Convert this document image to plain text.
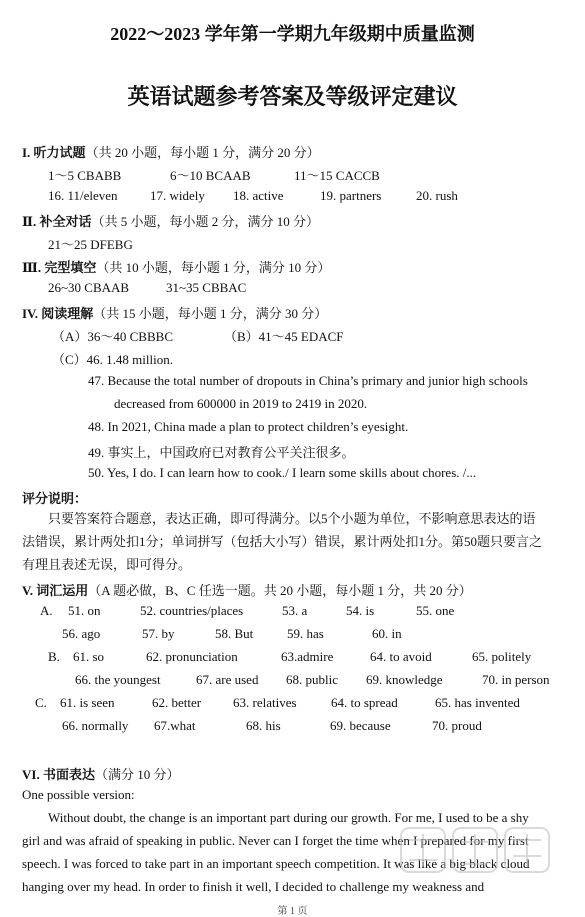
2022～2023 学年第一学期九年级期中质量监测
英语试题参考答案及等级评定建议
I. 听力试题（共 20 小题，每小题 1 分，满分 20 分）
1～5 CBABB	6～10 BCAAB	11～15 CACCB
16. 11/eleven 17. widely 18. active	19. partners	20. rush
Ⅱ. 补全对话（共 5 小题，每小题 2 分，满分 10 分）
21～25 DFEBG
Ⅲ. 完型填空（共 10 小题，每小题 1 分，满分 10 分）
26~30 CBAAB	31~35 CBBAC
IV. 阅读理解（共 15 小题，每小题 1 分，满分 30 分）
（A）36～40 CBBBC	（B）41～45 EDACF
（C）46. 1.48 million.
47. Because the total number of dropouts in China’s primary and junior high schools
decreased from 600000 in 2019 to 2419 in 2020.
48. In 2021, China made a plan to protect children’s eyesight.
49. 事实上，中国政府已对教育公平关注很多。
50. Yes, I do. I can learn how to cook./ I learn some skills about chores. /...
评分说明：
只要答案符合题意，表达正确，即可得满分。以5个小题为单位，不影响意思表达的语
法错误，累计两处扣1分；单词拼写（包括大小写）错误，累计两处扣1分。第50题只要言之
有理且表述无误，即可得分。
V. 词汇运用（A 题必做，B、C 任选一题。共 20 小题，每小题 1 分，共 20 分）
A. 51. on	52. countries/places	53. a	54. is	55. one
56. ago	57. by	58. But	59. has	60. in
B. 61. so	62. pronunciation	63.admire	64. to avoid	65. politely
66. the youngest	67. are used 68. public 69. knowledge	70. in person
C. 61. is seen	62. better 63. relatives	64. to spread	65. has invented
66. normally 67.what	68. his	69. because	70. proud
VI. 书面表达（满分 10 分）
One possible version:
Without doubt, the change is an important part during our growth. For me, I used to be a shy
girl and was afraid of speaking in public. Never can I forget the time when I prepared for my first
speech. I was forced to take part in an important speech competition. It was like a big black cloud
hanging over my head. In order to finish it well, I decided to challenge my weakness and
第 1 页
